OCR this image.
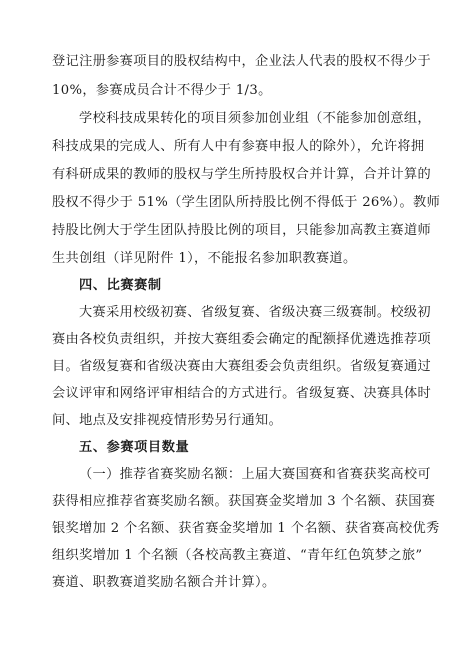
登记注册参赛项目的股权结构中，企业法人代表的股权不得少于
10%，参赛成员合计不得少于 1/3。
学校科技成果转化的项目须参加创业组（不能参加创意组，
科技成果的完成人、所有人中有参赛申报人的除外），允许将拥
有科研成果的教师的股权与学生所持股权合并计算，合并计算的
股权不得少于 51%（学生团队所持股比例不得低于 26%）。教师
持股比例大于学生团队持股比例的项目，只能参加高教主赛道师
生共创组（详见附件 1），不能报名参加职教赛道。
四、比赛赛制
大赛采用校级初赛、省级复赛、省级决赛三级赛制。校级初
赛由各校负责组织，并按大赛组委会确定的配额择优遴选推荐项
目。省级复赛和省级决赛由大赛组委会负责组织。省级复赛通过
会议评审和网络评审相结合的方式进行。省级复赛、决赛具体时
间、地点及安排视疫情形势另行通知。
五、参赛项目数量
（一）推荐省赛奖励名额：上届大赛国赛和省赛获奖高校可
获得相应推荐省赛奖励名额。获国赛金奖增加 3 个名额、获国赛
银奖增加 2 个名额、获省赛金奖增加 1 个名额、获省赛高校优秀
组织奖增加 1 个名额（各校高教主赛道、“青年红色筑梦之旅”
赛道、职教赛道奖励名额合并计算）。
